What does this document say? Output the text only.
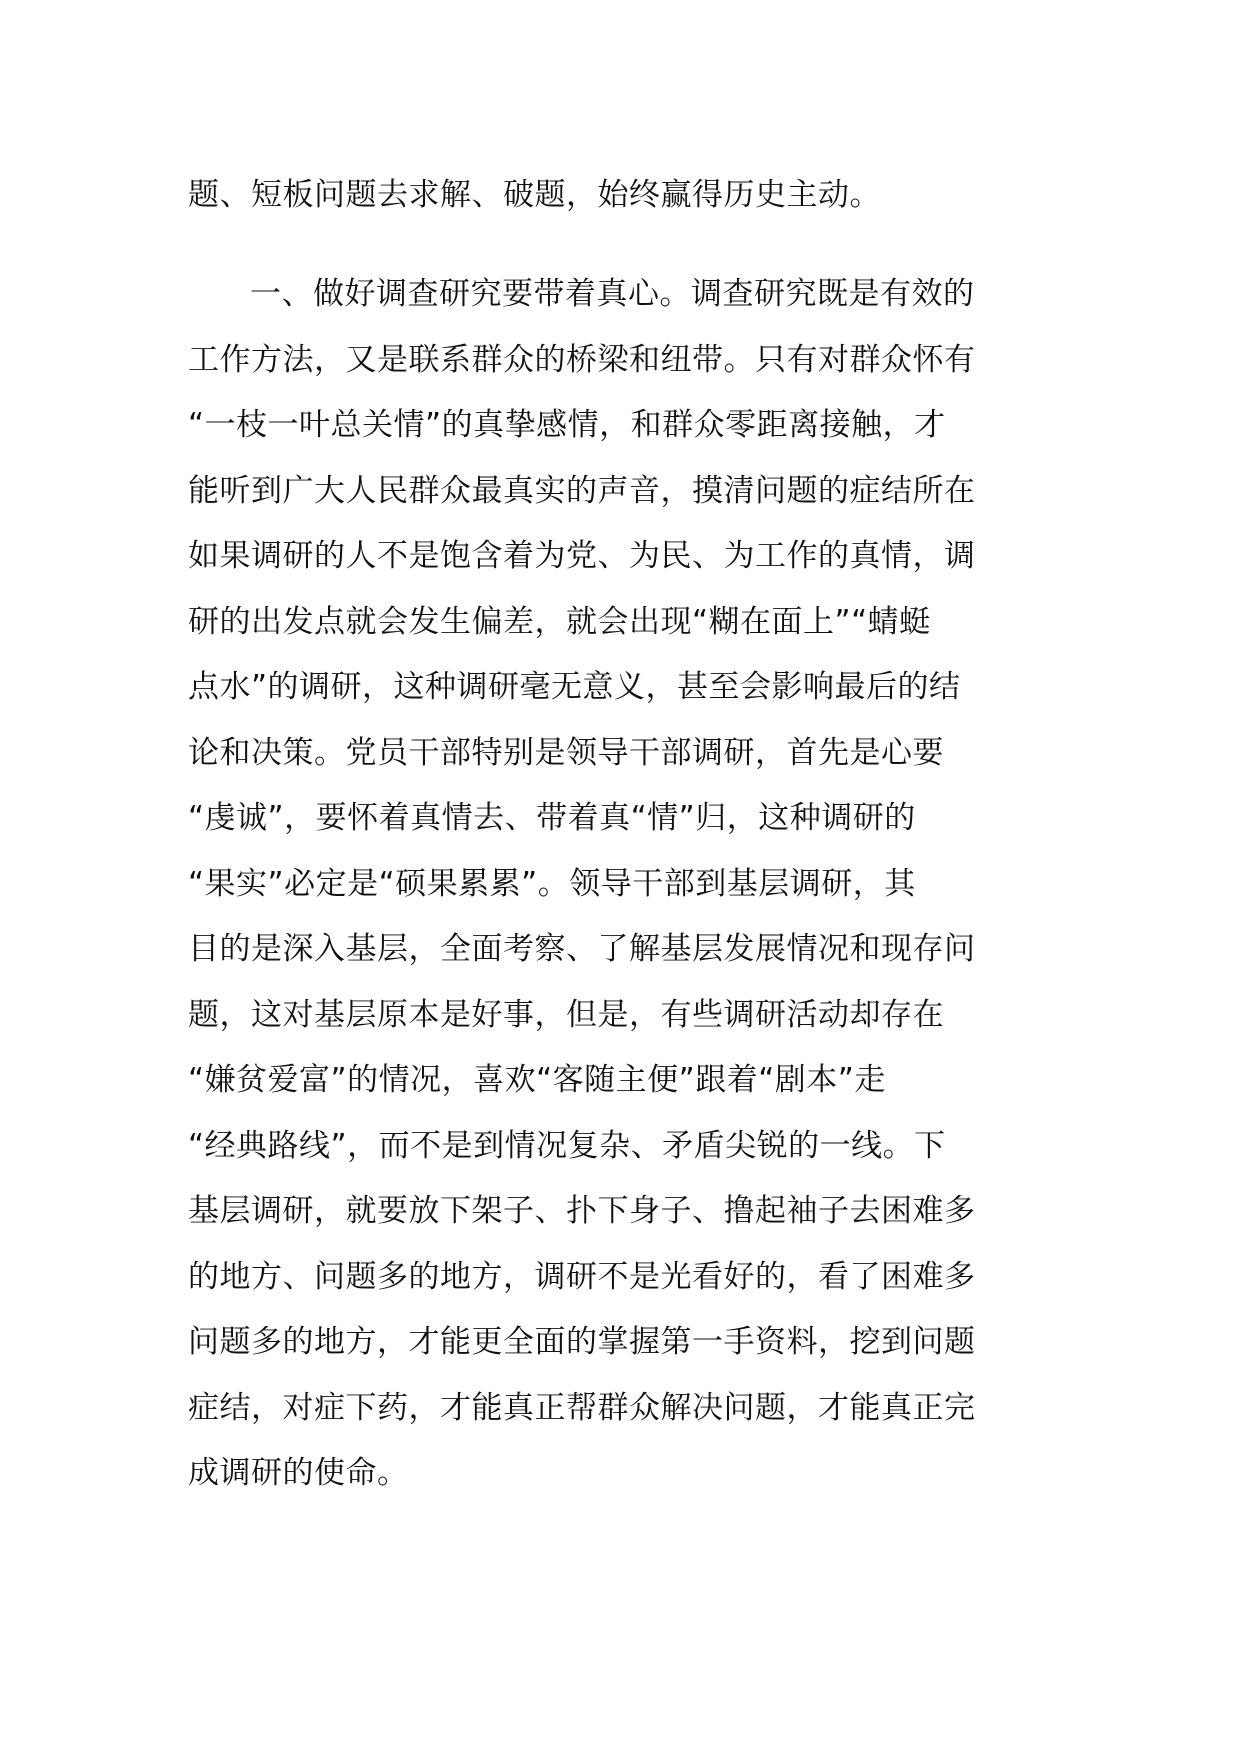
题、短板问题去求解、破题，始终赢得历史主动。
一、做好调查研究要带着真心。调查研究既是有效的
工作方法，又是联系群众的桥梁和纽带。只有对群众怀有
“一枝一叶总关情”的真挚感情，和群众零距离接触，才
能听到广大人民群众最真实的声音，摸清问题的症结所在
如果调研的人不是饱含着为党、为民、为工作的真情，调
研的出发点就会发生偏差，就会出现“糊在面上”“蜻蜓
点水”的调研，这种调研毫无意义，甚至会影响最后的结
论和决策。党员干部特别是领导干部调研，首先是心要
“虔诚”，要怀着真情去、带着真“情”归，这种调研的
“果实”必定是“硕果累累”。领导干部到基层调研，其
目的是深入基层，全面考察、了解基层发展情况和现存问
题，这对基层原本是好事，但是，有些调研活动却存在
“嫌贫爱富”的情况，喜欢“客随主便”跟着“剧本”走
“经典路线”，而不是到情况复杂、矛盾尖锐的一线。下
基层调研，就要放下架子、扑下身子、撸起袖子去困难多
的地方、问题多的地方，调研不是光看好的，看了困难多
问题多的地方，才能更全面的掌握第一手资料，挖到问题
症结，对症下药，才能真正帮群众解决问题，才能真正完
成调研的使命。
